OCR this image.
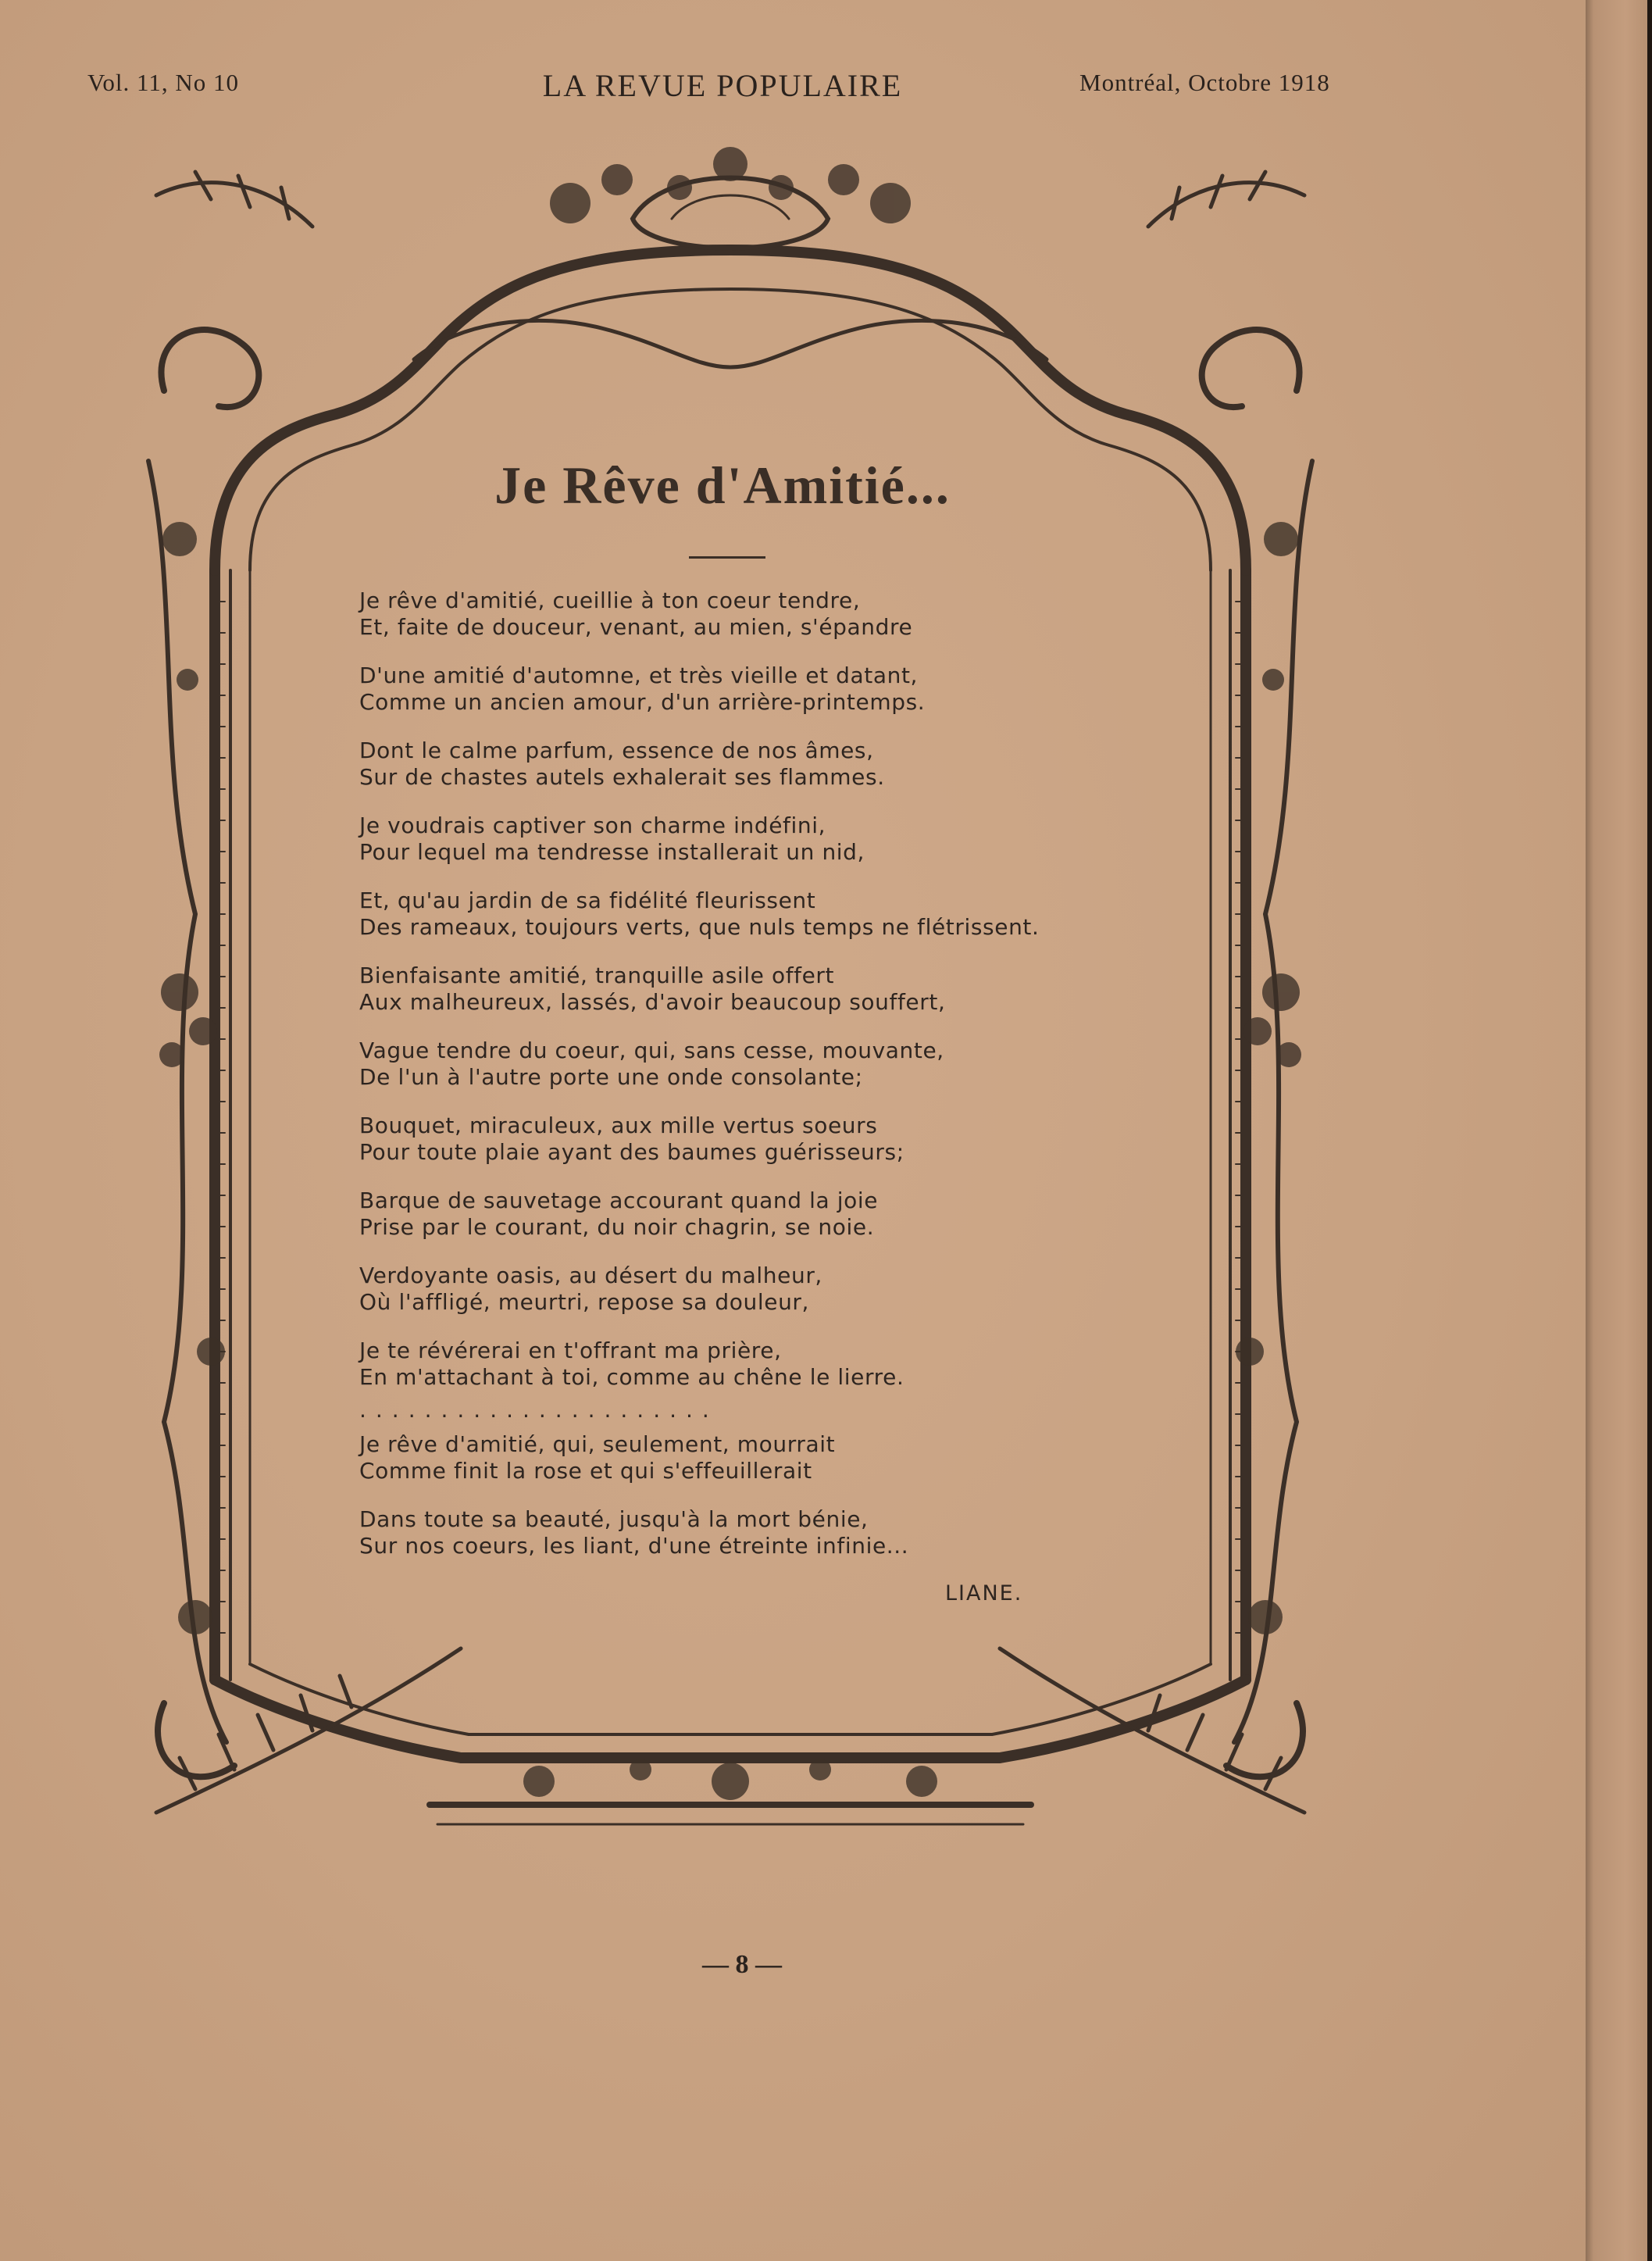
Vol. 11, No 10	LA REVUE POPULAIRE	Montréal, Octobre 1918
Je Rêve d'Amitié...
Je rêve d'amitié, cueillie à ton coeur tendre,
Et, faite de douceur, venant, au mien, s'épandre
D'une amitié d'automne, et très vieille et datant,
Comme un ancien amour, d'un arrière-printemps.
Dont le calme parfum, essence de nos âmes,
Sur de chastes autels exhalerait ses flammes.
Je voudrais captiver son charme indéfini,
Pour lequel ma tendresse installerait un nid,
Et, qu'au jardin de sa fidélité fleurissent
Des rameaux, toujours verts, que nuls temps ne flétrissent.
Bienfaisante amitié, tranquille asile offert
Aux malheureux, lassés, d'avoir beaucoup souffert,
Vague tendre du coeur, qui, sans cesse, mouvante,
De l'un à l'autre porte une onde consolante;
Bouquet, miraculeux, aux mille vertus soeurs
Pour toute plaie ayant des baumes guérisseurs;
Barque de sauvetage accourant quand la joie
Prise par le courant, du noir chagrin, se noie.
Verdoyante oasis, au désert du malheur,
Où l'affligé, meurtri, repose sa douleur,
Je te révérerai en t'offrant ma prière,
En m'attachant à toi, comme au chêne le lierre.
......................
Je rêve d'amitié, qui, seulement, mourrait
Comme finit la rose et qui s'effeuillerait
Dans toute sa beauté, jusqu'à la mort bénie,
Sur nos coeurs, les liant, d'une étreinte infinie...
LIANE.
— 8 —
